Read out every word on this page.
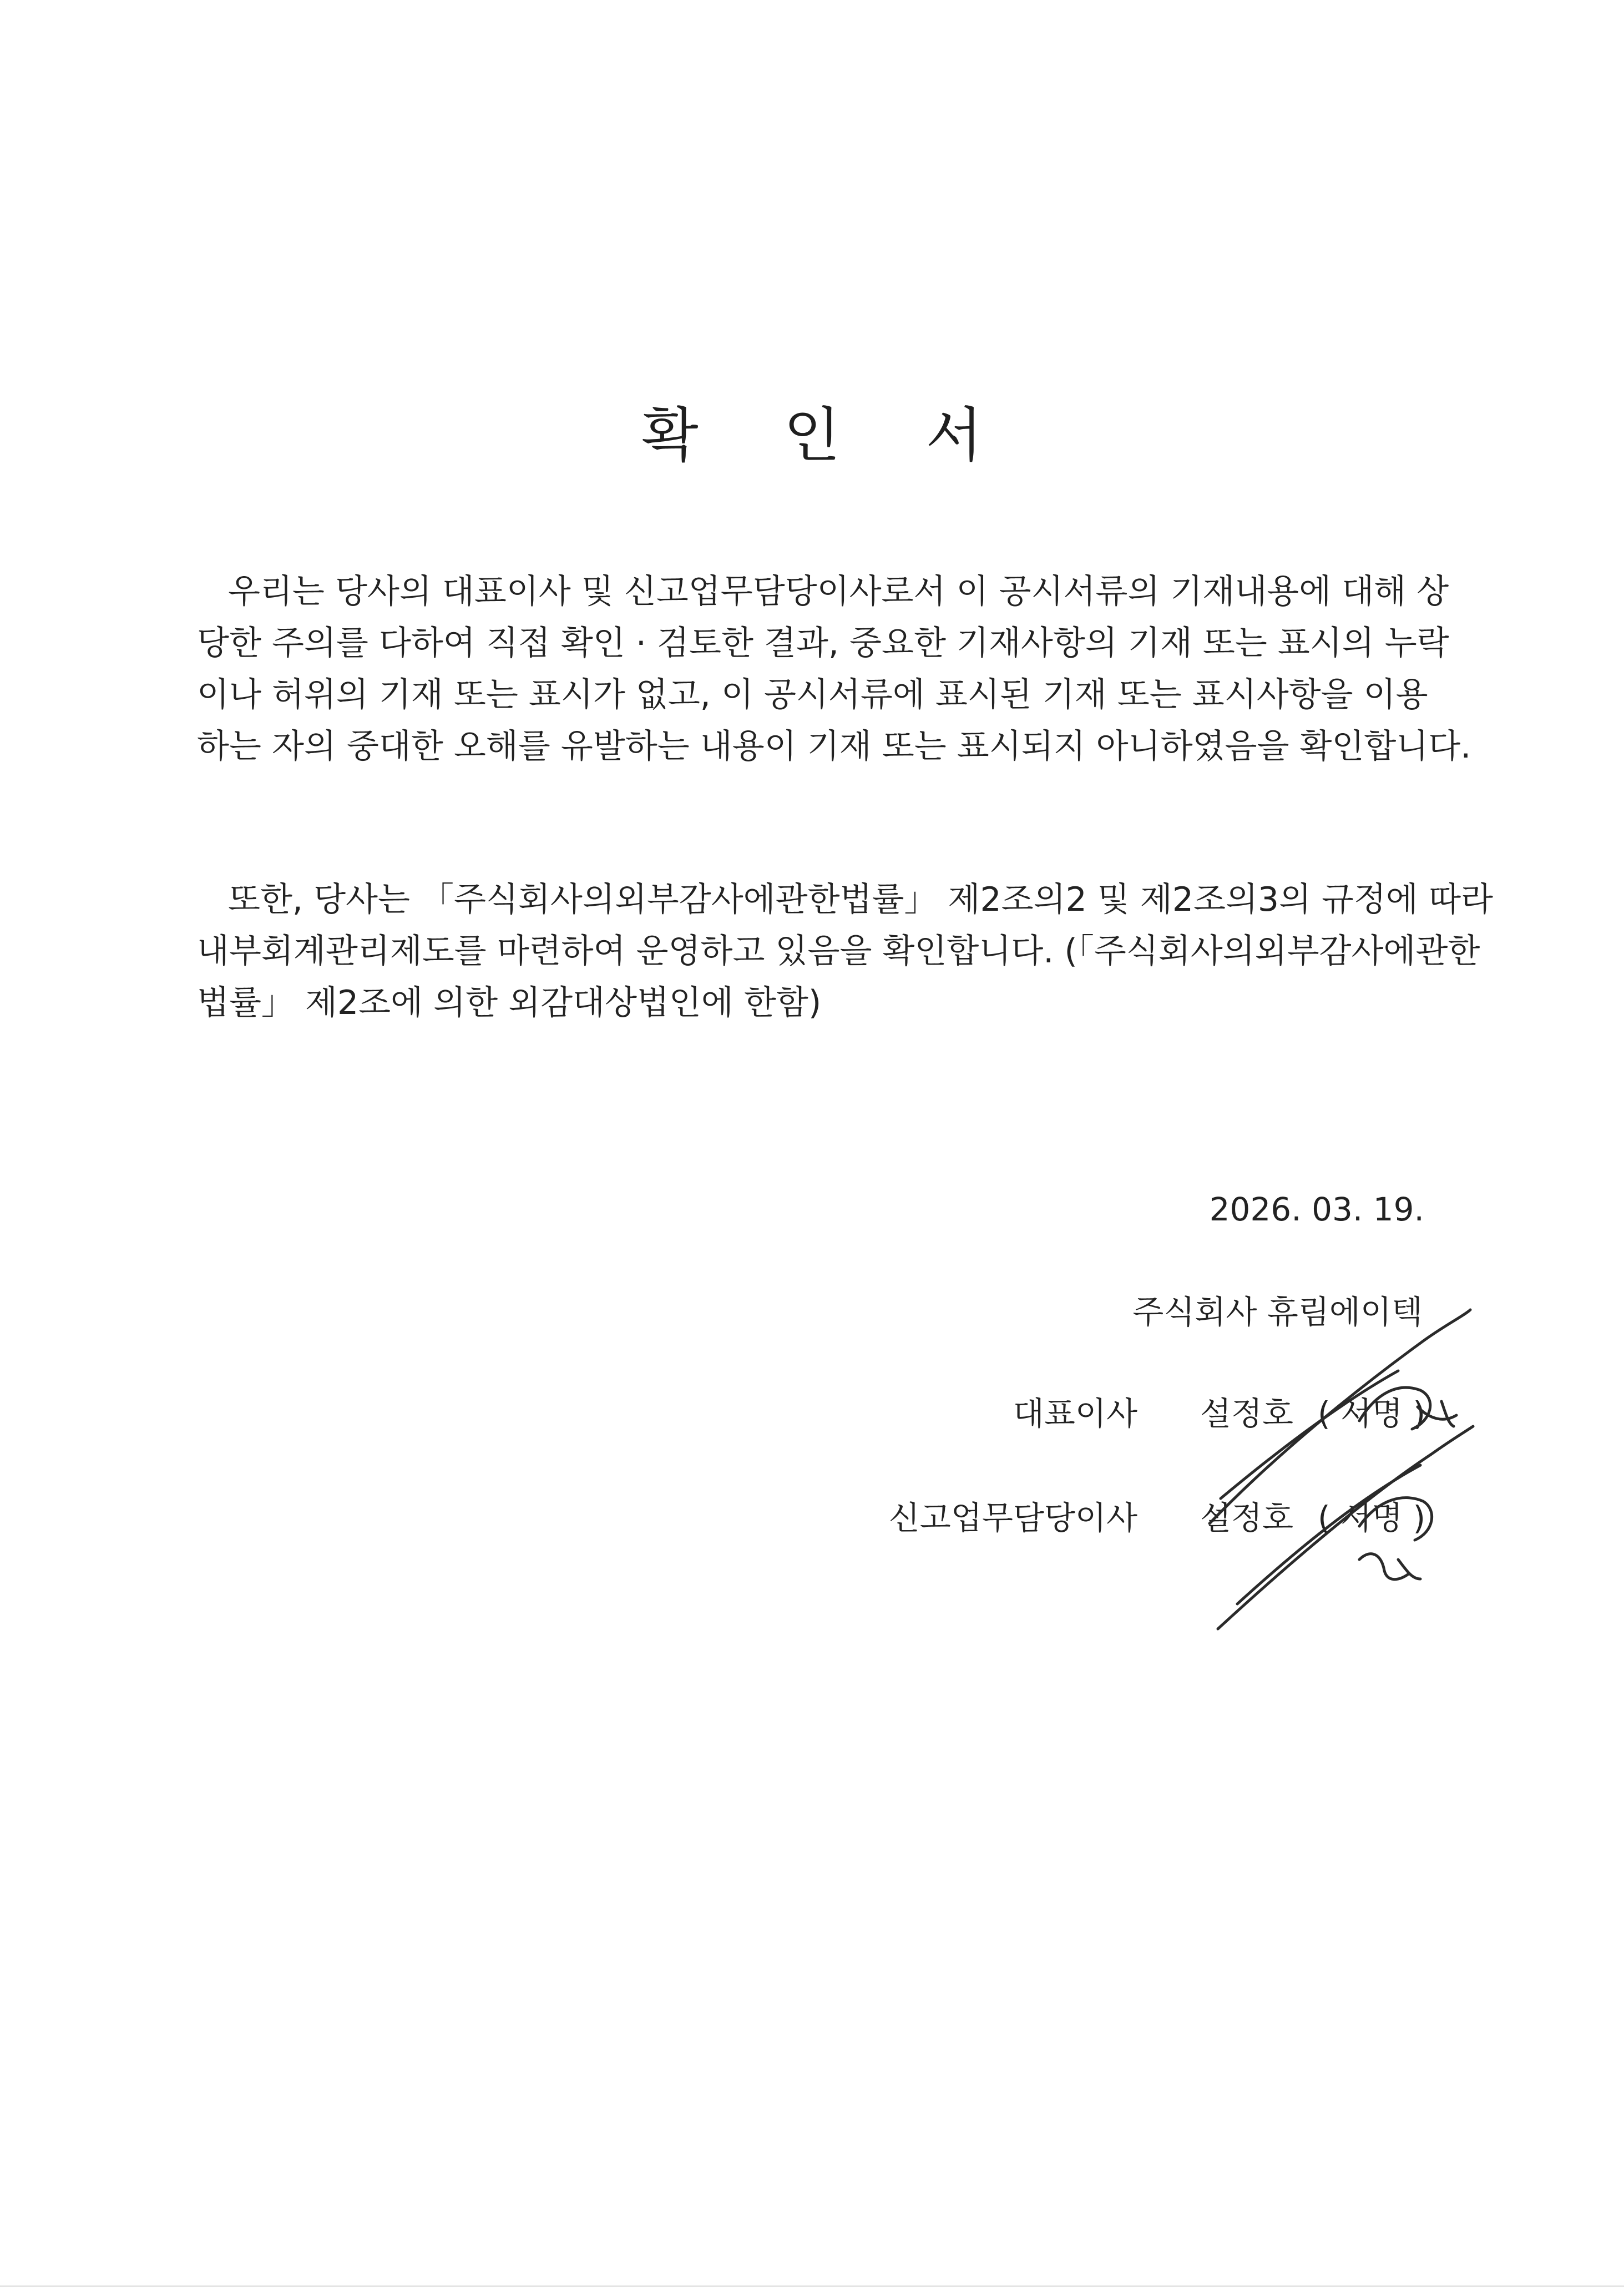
확 인 서
우리는 당사의 대표이사 및 신고업무담당이사로서 이 공시서류의 기재내용에 대해 상
당한 주의를 다하여 직접 확인 · 검토한 결과, 중요한 기재사항의 기재 또는 표시의 누락
이나 허위의 기재 또는 표시가 없고, 이 공시서류에 표시된 기재 또는 표시사항을 이용
하는 자의 중대한 오해를 유발하는 내용이 기재 또는 표시되지 아니하였음을 확인합니다.
또한, 당사는 「주식회사의외부감사에관한법률」 제2조의2 및 제2조의3의 규정에 따라
내부회계관리제도를 마련하여 운영하고 있음을 확인합니다. (「주식회사의외부감사에관한
법률」 제2조에 의한 외감대상법인에 한함)
2026. 03. 19.
주식회사 휴림에이텍
대표이사 설정호 ( 서명 )
신고업무담당이사 설정호 ( 서명 )
